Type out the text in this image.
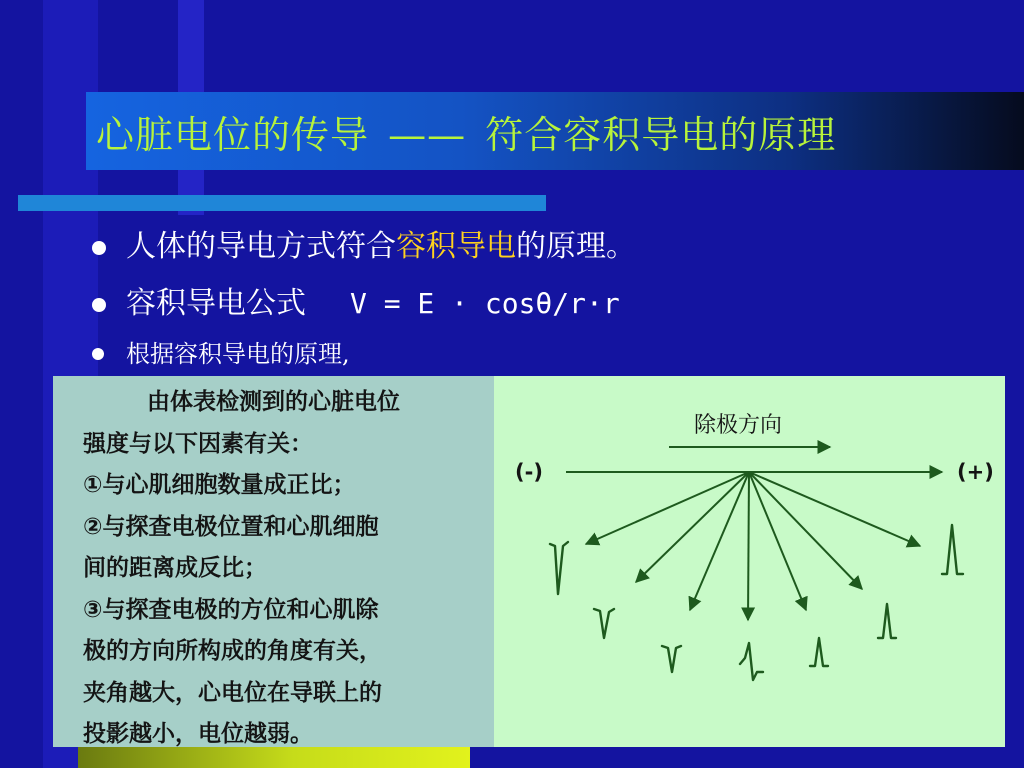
心脏电位的传导 —— 符合容积导电的原理
人体的导电方式符合容积导电的原理。
容积导电公式 V = E · cosθ/r·r
根据容积导电的原理,

由体表检测到的心脏电位
强度与以下因素有关：
①与心肌细胞数量成正比；
②与探查电极位置和心肌细胞
间的距离成反比；
③与探查电极的方位和心肌除
极的方向所构成的角度有关，
夹角越大，心电位在导联上的
投影越小，电位越弱。

除极方向
(-)	(+)
